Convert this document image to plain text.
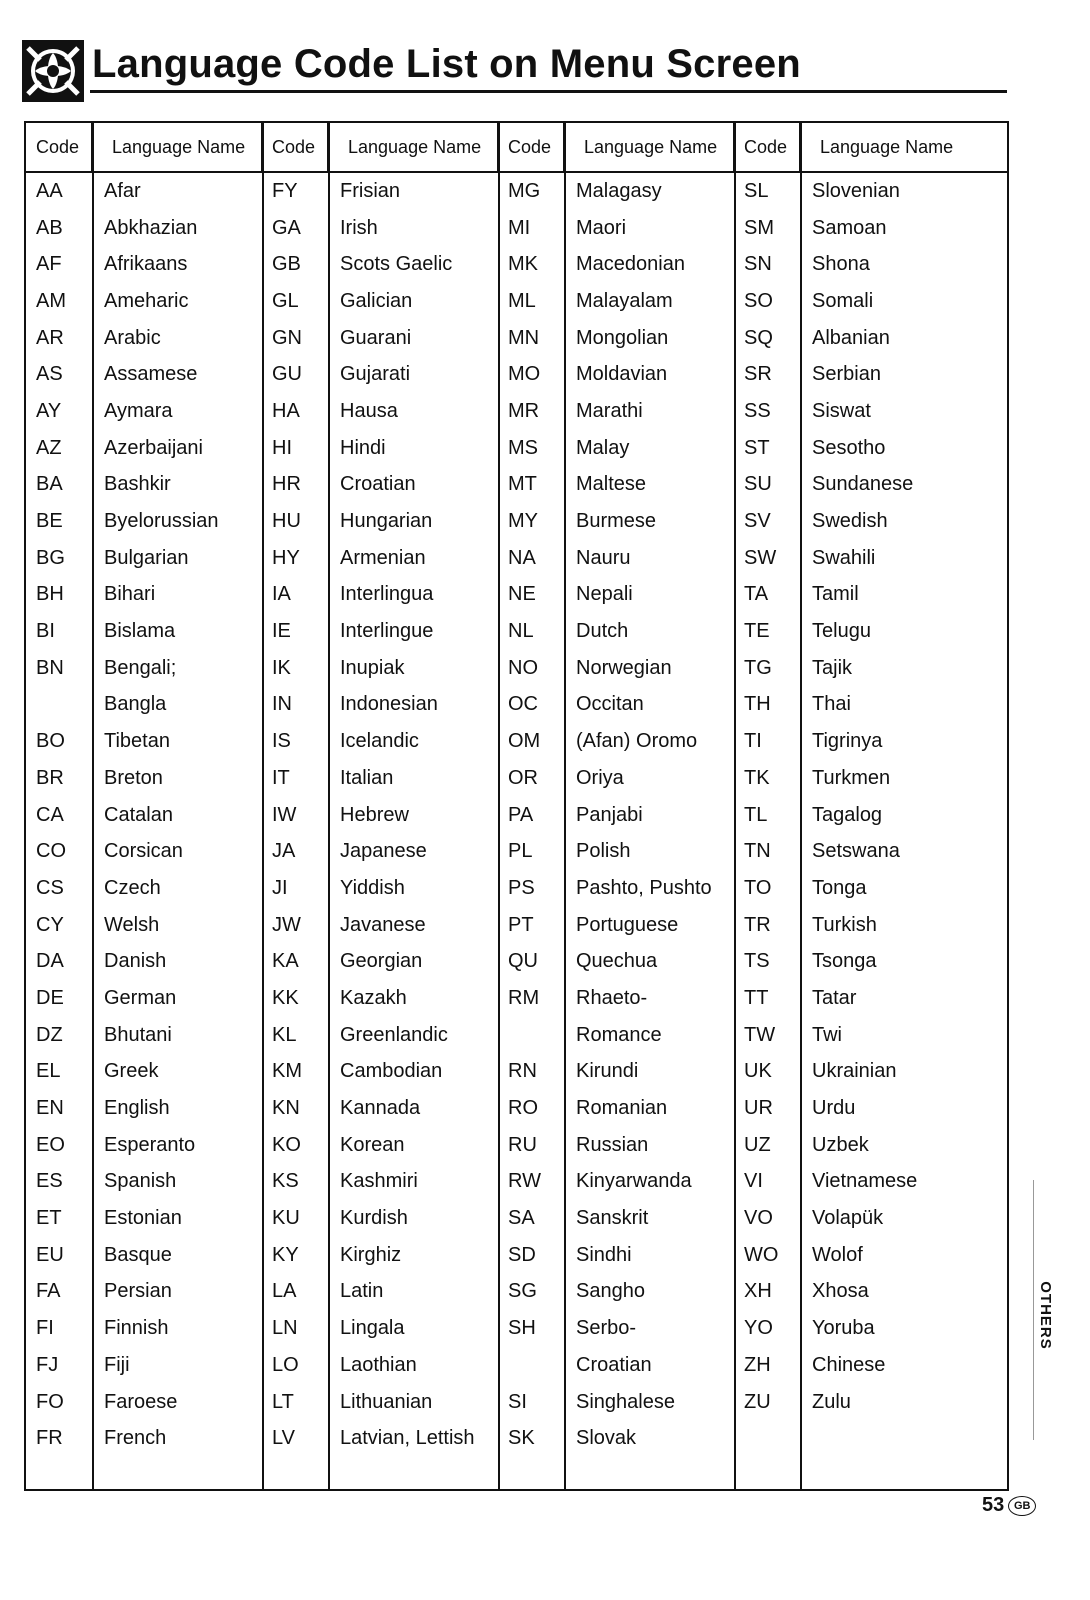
Language Code List on Menu Screen
Code	Language Name	Code	Language Name	Code	Language Name	Code	Language Name
AA	Afar
AB	Abkhazian
AF	Afrikaans
AM	Ameharic
AR	Arabic
AS	Assamese
AY	Aymara
AZ	Azerbaijani
BA	Bashkir
BE	Byelorussian
BG	Bulgarian
BH	Bihari
BI	Bislama
BN	Bengali;
Bangla
BO	Tibetan
BR	Breton
CA	Catalan
CO	Corsican
CS	Czech
CY	Welsh
DA	Danish
DE	German
DZ	Bhutani
EL	Greek
EN	English
EO	Esperanto
ES	Spanish
ET	Estonian
EU	Basque
FA	Persian
FI	Finnish
FJ	Fiji
FO	Faroese
FR	French
FY	Frisian
GA	Irish
GB	Scots Gaelic
GL	Galician
GN	Guarani
GU	Gujarati
HA	Hausa
HI	Hindi
HR	Croatian
HU	Hungarian
HY	Armenian
IA	Interlingua
IE	Interlingue
IK	Inupiak
IN	Indonesian
IS	Icelandic
IT	Italian
IW	Hebrew
JA	Japanese
JI	Yiddish
JW	Javanese
KA	Georgian
KK	Kazakh
KL	Greenlandic
KM	Cambodian
KN	Kannada
KO	Korean
KS	Kashmiri
KU	Kurdish
KY	Kirghiz
LA	Latin
LN	Lingala
LO	Laothian
LT	Lithuanian
LV	Latvian, Lettish
MG	Malagasy
MI	Maori
MK	Macedonian
ML	Malayalam
MN	Mongolian
MO	Moldavian
MR	Marathi
MS	Malay
MT	Maltese
MY	Burmese
NA	Nauru
NE	Nepali
NL	Dutch
NO	Norwegian
OC	Occitan
OM	(Afan) Oromo
OR	Oriya
PA	Panjabi
PL	Polish
PS	Pashto, Pushto
PT	Portuguese
QU	Quechua
RM	Rhaeto-
Romance
RN	Kirundi
RO	Romanian
RU	Russian
RW	Kinyarwanda
SA	Sanskrit
SD	Sindhi
SG	Sangho
SH	Serbo-
Croatian
SI	Singhalese
SK	Slovak
SL	Slovenian
SM	Samoan
SN	Shona
SO	Somali
SQ	Albanian
SR	Serbian
SS	Siswat
ST	Sesotho
SU	Sundanese
SV	Swedish
SW	Swahili
TA	Tamil
TE	Telugu
TG	Tajik
TH	Thai
TI	Tigrinya
TK	Turkmen
TL	Tagalog
TN	Setswana
TO	Tonga
TR	Turkish
TS	Tsonga
TT	Tatar
TW	Twi
UK	Ukrainian
UR	Urdu
UZ	Uzbek
VI	Vietnamese
VO	Volapük
WO	Wolof
XH	Xhosa
YO	Yoruba
ZH	Chinese
ZU	Zulu
OTHERS
53 GB
